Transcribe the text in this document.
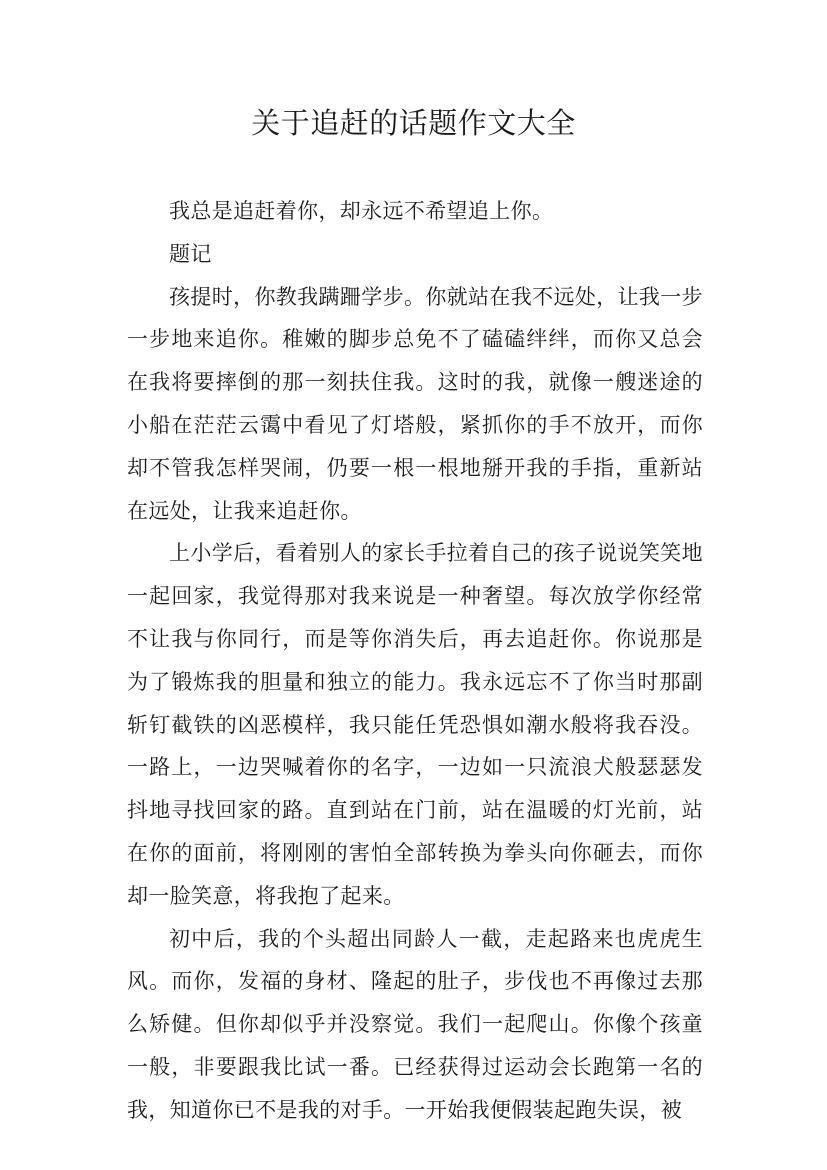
关于追赶的话题作文大全

我总是追赶着你，却永远不希望追上你。

题记

孩提时，你教我蹒跚学步。你就站在我不远处，让我一步一步地来追你。稚嫩的脚步总免不了磕磕绊绊，而你又总会在我将要摔倒的那一刻扶住我。这时的我，就像一艘迷途的小船在茫茫云霭中看见了灯塔般，紧抓你的手不放开，而你却不管我怎样哭闹，仍要一根一根地掰开我的手指，重新站在远处，让我来追赶你。

上小学后，看着别人的家长手拉着自己的孩子说说笑笑地一起回家，我觉得那对我来说是一种奢望。每次放学你经常不让我与你同行，而是等你消失后，再去追赶你。你说那是为了锻炼我的胆量和独立的能力。我永远忘不了你当时那副斩钉截铁的凶恶模样，我只能任凭恐惧如潮水般将我吞没。一路上，一边哭喊着你的名字，一边如一只流浪犬般瑟瑟发抖地寻找回家的路。直到站在门前，站在温暖的灯光前，站在你的面前，将刚刚的害怕全部转换为拳头向你砸去，而你却一脸笑意，将我抱了起来。

初中后，我的个头超出同龄人一截，走起路来也虎虎生风。而你，发福的身材、隆起的肚子，步伐也不再像过去那么矫健。但你却似乎并没察觉。我们一起爬山。你像个孩童一般，非要跟我比试一番。已经获得过运动会长跑第一名的我，知道你已不是我的对手。一开始我便假装起跑失误，被
